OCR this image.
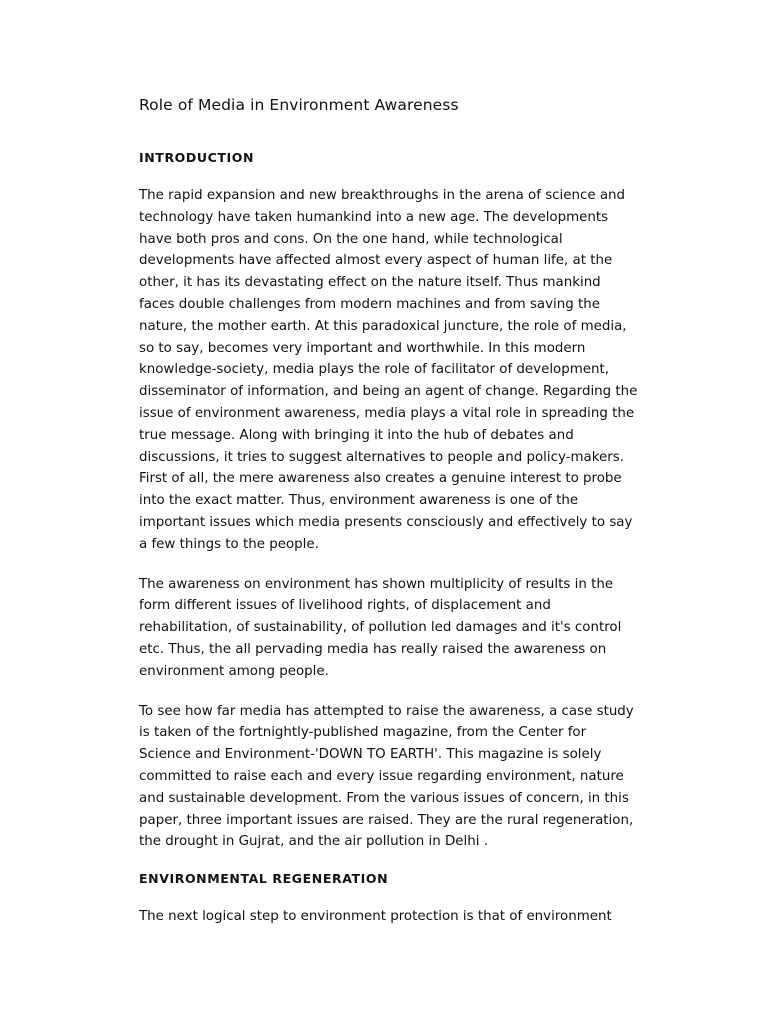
Role of Media in Environment Awareness
INTRODUCTION

The rapid expansion and new breakthroughs in the arena of science and technology have taken humankind into a new age. The developments have both pros and cons. On the one hand, while technological developments have affected almost every aspect of human life, at the other, it has its devastating effect on the nature itself. Thus mankind faces double challenges from modern machines and from saving the nature, the mother earth. At this paradoxical juncture, the role of media, so to say, becomes very important and worthwhile. In this modern knowledge-society, media plays the role of facilitator of development, disseminator of information, and being an agent of change. Regarding the issue of environment awareness, media plays a vital role in spreading the true message. Along with bringing it into the hub of debates and discussions, it tries to suggest alternatives to people and policy-makers. First of all, the mere awareness also creates a genuine interest to probe into the exact matter. Thus, environment awareness is one of the important issues which media presents consciously and effectively to say a few things to the people.

The awareness on environment has shown multiplicity of results in the form different issues of livelihood rights, of displacement and rehabilitation, of sustainability, of pollution led damages and it's control etc. Thus, the all pervading media has really raised the awareness on environment among people.

To see how far media has attempted to raise the awareness, a case study is taken of the fortnightly-published magazine, from the Center for Science and Environment-'DOWN TO EARTH'. This magazine is solely committed to raise each and every issue regarding environment, nature and sustainable development. From the various issues of concern, in this paper, three important issues are raised. They are the rural regeneration, the drought in Gujrat, and the air pollution in Delhi .

ENVIRONMENTAL REGENERATION

The next logical step to environment protection is that of environment
